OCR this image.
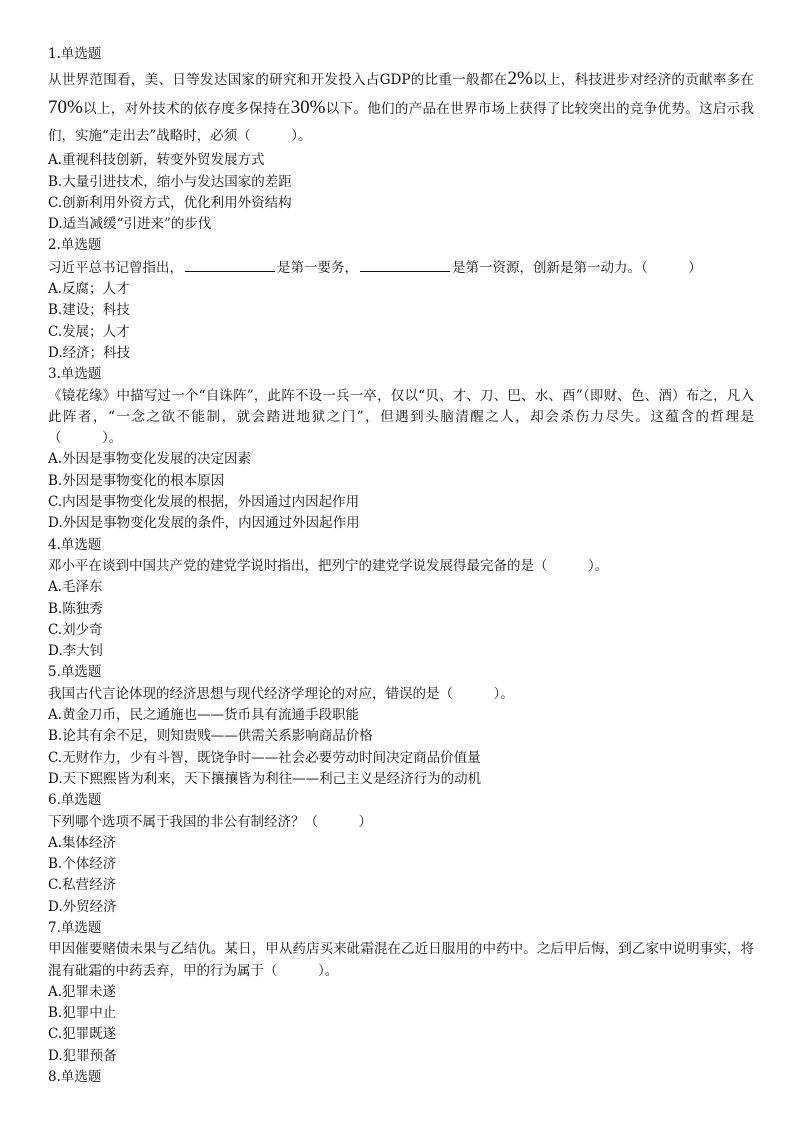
1.单选题
从世界范围看，美、日等发达国家的研究和开发投入占GDP的比重一般都在2%以上，科技进步对经济的贡献率多在70%以上，对外技术的依存度多保持在30%以下。他们的产品在世界市场上获得了比较突出的竞争优势。这启示我们，实施“走出去”战略时，必须（　　　）。
A.重视科技创新，转变外贸发展方式
B.大量引进技术，缩小与发达国家的差距
C.创新利用外资方式，优化利用外资结构
D.适当减缓“引进来”的步伐
2.单选题
习近平总书记曾指出，	是第一要务，	是第一资源，创新是第一动力。（　　　）
A.反腐；人才
B.建设；科技
C.发展；人才
D.经济；科技
3.单选题
《镜花缘》中描写过一个“自诛阵”，此阵不设一兵一卒，仅以“贝、才、刀、巴、水、酉”（即财、色、酒）布之，凡入此阵者，“一念之欲不能制，就会踏进地狱之门”，但遇到头脑清醒之人，却会杀伤力尽失。这蕴含的哲理是（　　　）。
A.外因是事物变化发展的决定因素
B.外因是事物变化的根本原因
C.内因是事物变化发展的根据，外因通过内因起作用
D.外因是事物变化发展的条件，内因通过外因起作用
4.单选题
邓小平在谈到中国共产党的建党学说时指出，把列宁的建党学说发展得最完备的是（　　　）。
A.毛泽东
B.陈独秀
C.刘少奇
D.李大钊
5.单选题
我国古代言论体现的经济思想与现代经济学理论的对应，错误的是（　　　）。
A.黄金刀币，民之通施也——货币具有流通手段职能
B.论其有余不足，则知贵贱——供需关系影响商品价格
C.无财作力，少有斗智，既饶争时——社会必要劳动时间决定商品价值量
D.天下熙熙皆为利来，天下攘攘皆为利往——利己主义是经济行为的动机
6.单选题
下列哪个选项不属于我国的非公有制经济？（　　　）
A.集体经济
B.个体经济
C.私营经济
D.外贸经济
7.单选题
甲因催要赌债未果与乙结仇。某日，甲从药店买来砒霜混在乙近日服用的中药中。之后甲后悔，到乙家中说明事实，将混有砒霜的中药丢弃，甲的行为属于（　　　）。
A.犯罪未遂
B.犯罪中止
C.犯罪既遂
D.犯罪预备
8.单选题
